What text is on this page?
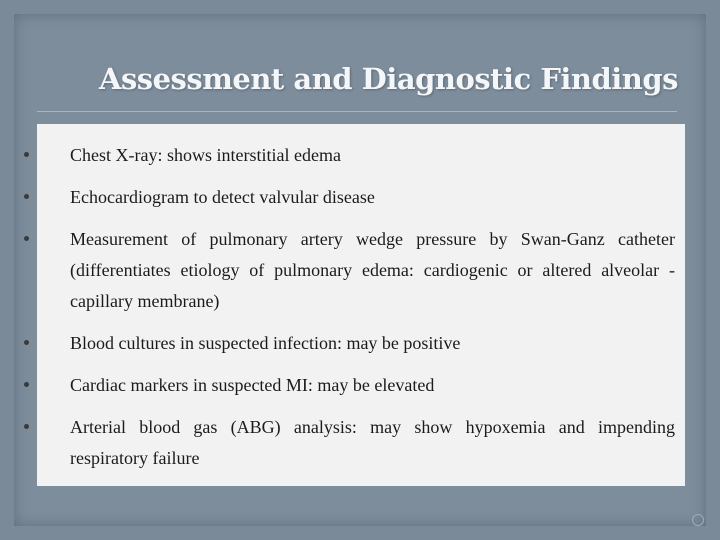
Assessment and Diagnostic Findings
Chest X-ray: shows interstitial edema
Echocardiogram to detect valvular disease
Measurement of pulmonary artery wedge pressure by Swan-Ganz catheter (differentiates etiology of pulmonary edema: cardiogenic or altered alveolar -capillary membrane)
Blood cultures in suspected infection: may be positive
Cardiac markers in suspected MI: may be elevated
Arterial blood gas (ABG) analysis: may show hypoxemia and impending respiratory failure
